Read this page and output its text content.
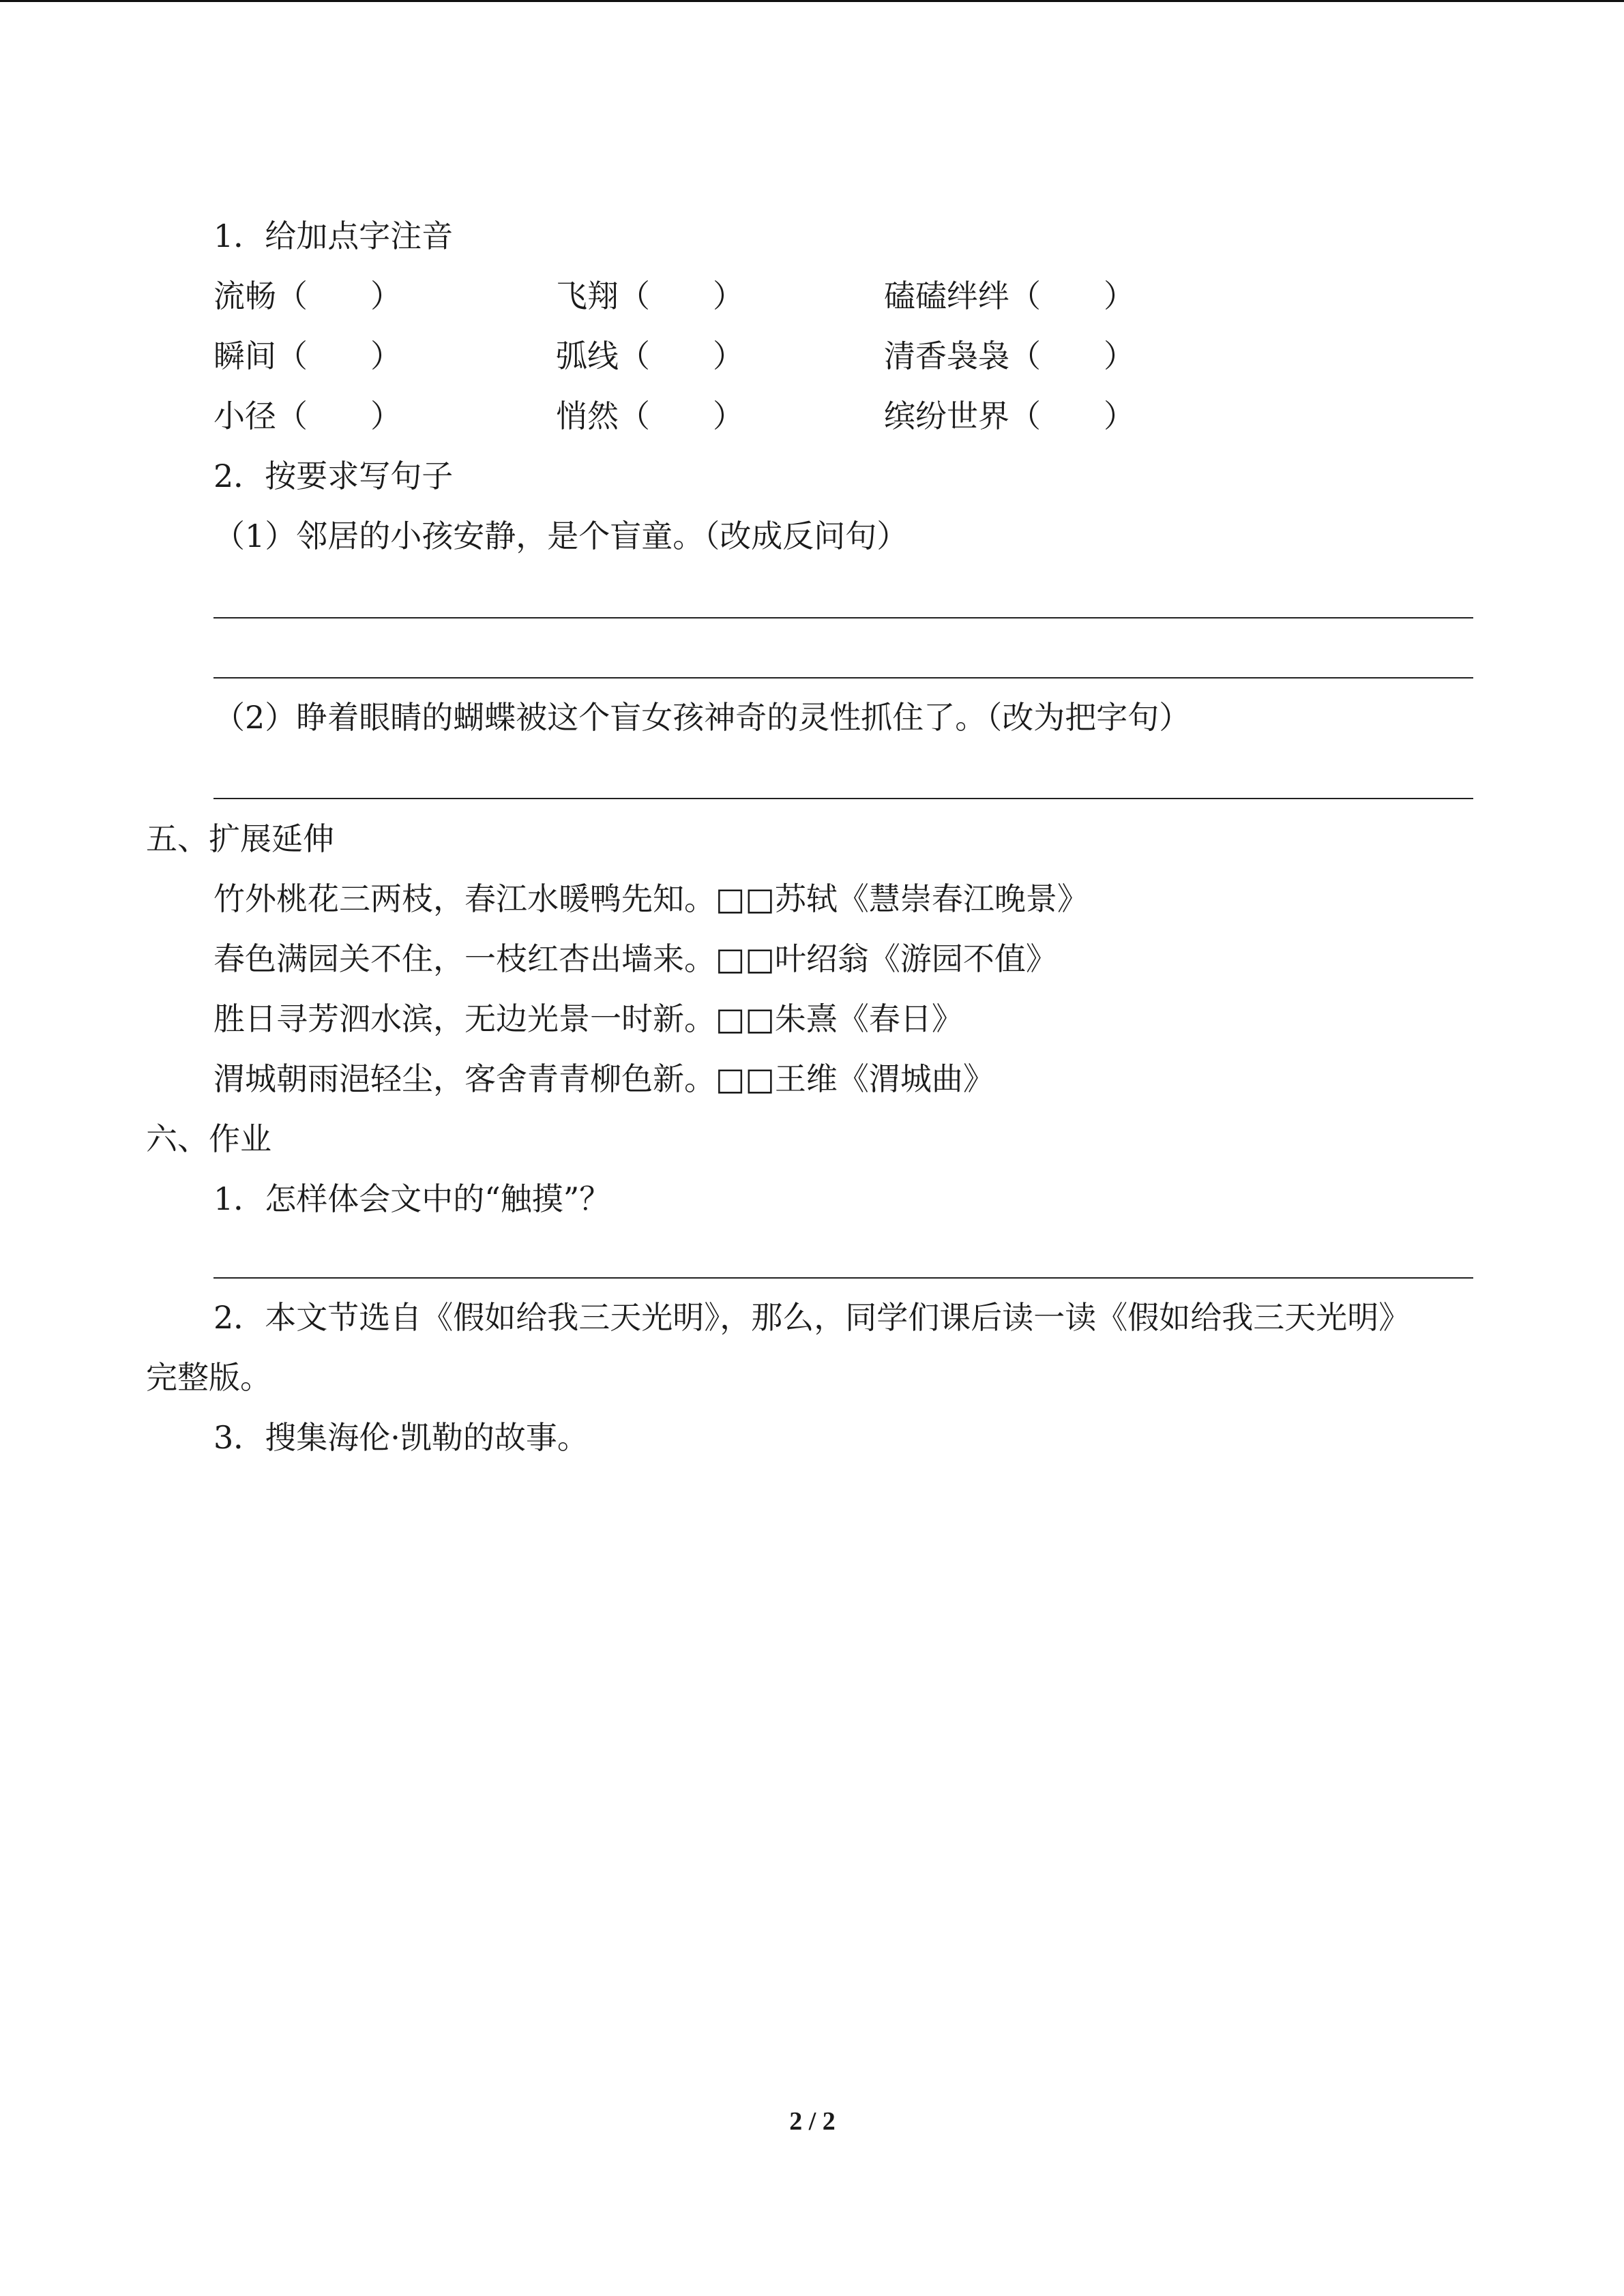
1．给加点字注音
流畅（　　）	飞翔（　　）	磕磕绊绊（　　）
瞬间（　　）	弧线（　　）	清香袅袅（　　）
小径（　　）	悄然（　　）	缤纷世界（　　）
2．按要求写句子
（1）邻居的小孩安静，是个盲童。（改成反问句）
（2）睁着眼睛的蝴蝶被这个盲女孩神奇的灵性抓住了。（改为把字句）
五、扩展延伸
竹外桃花三两枝，春江水暖鸭先知。□□苏轼《慧崇春江晚景》
春色满园关不住，一枝红杏出墙来。□□叶绍翁《游园不值》
胜日寻芳泗水滨，无边光景一时新。□□朱熹《春日》
渭城朝雨浥轻尘，客舍青青柳色新。□□王维《渭城曲》
六、作业
1．怎样体会文中的“触摸”？
2．本文节选自《假如给我三天光明》，那么，同学们课后读一读《假如给我三天光明》
完整版。
3．搜集海伦·凯勒的故事。
2 / 2
